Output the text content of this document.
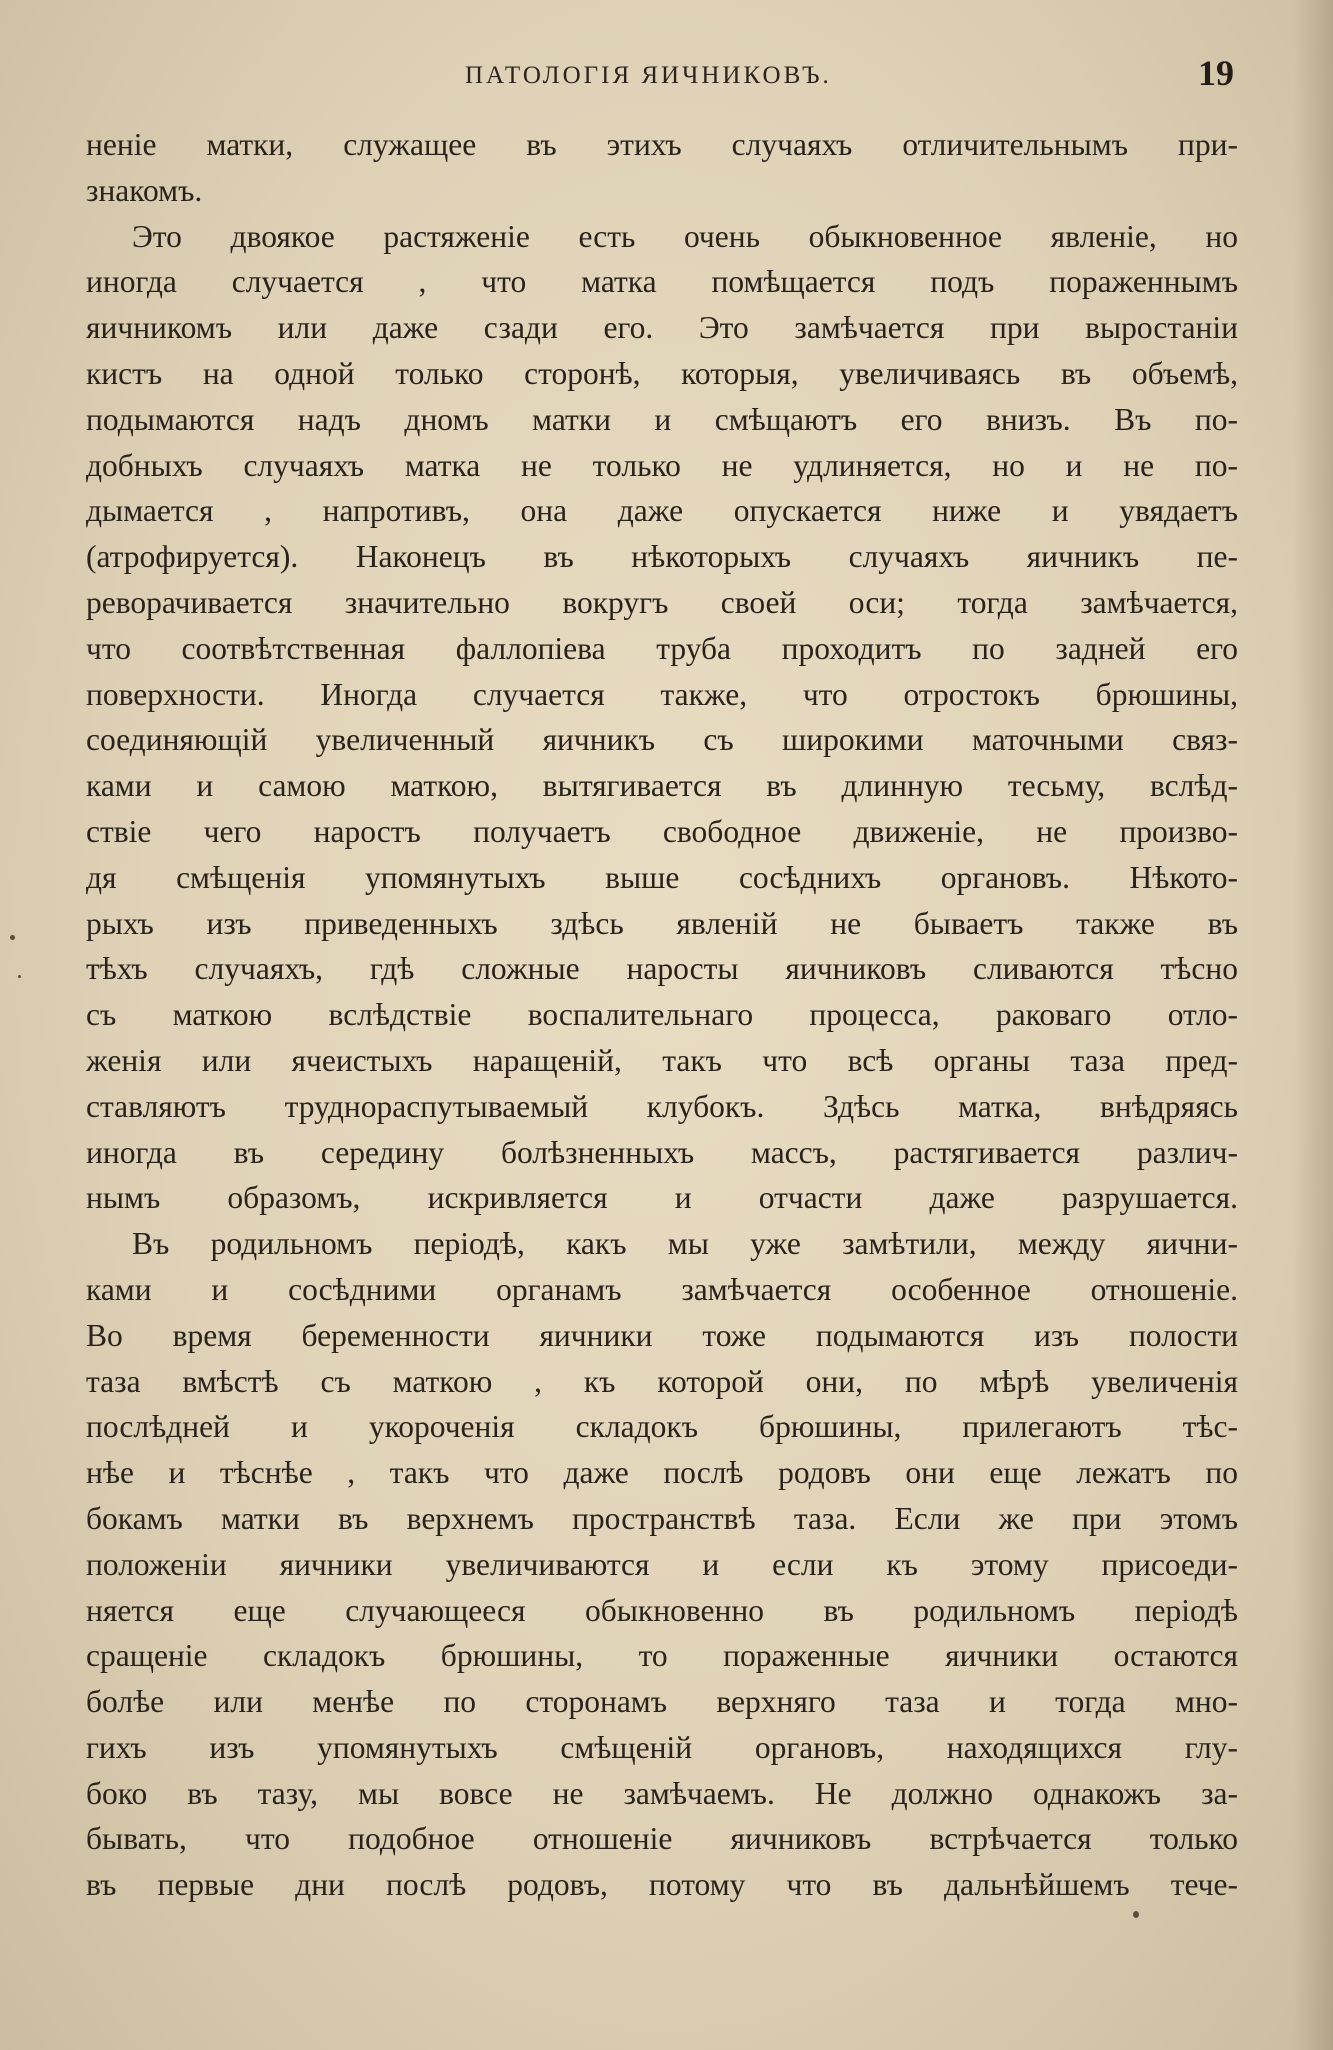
ПАТОЛОГІЯ ЯИЧНИКОВЪ.	19
неніе матки, служащее въ этихъ случаяхъ отличительнымъ при-
знакомъ.
Это двоякое растяженіе есть очень обыкновенное явленіе, но
иногда случается , что матка помѣщается подъ пораженнымъ
яичникомъ или даже сзади его. Это замѣчается при выростаніи
кистъ на одной только сторонѣ, которыя, увеличиваясь въ объемѣ,
подымаются надъ дномъ матки и смѣщаютъ его внизъ. Въ по-
добныхъ случаяхъ матка не только не удлиняется, но и не по-
дымается , напротивъ, она даже опускается ниже и увядаетъ
(атрофируется). Наконецъ въ нѣкоторыхъ случаяхъ яичникъ пе-
реворачивается значительно вокругъ своей оси; тогда замѣчается,
что соотвѣтственная фаллопіева труба проходитъ по задней его
поверхности. Иногда случается также, что отростокъ брюшины,
соединяющій увеличенный яичникъ съ широкими маточными связ-
ками и самою маткою, вытягивается въ длинную тесьму, вслѣд-
ствіе чего наростъ получаетъ свободное движеніе, не произво-
дя смѣщенія упомянутыхъ выше сосѣднихъ органовъ. Нѣкото-
рыхъ изъ приведенныхъ здѣсь явленій не бываетъ также въ
тѣхъ случаяхъ, гдѣ сложные наросты яичниковъ сливаются тѣсно
съ маткою вслѣдствіе воспалительнаго процесса, раковаго отло-
женія или ячеистыхъ наращеній, такъ что всѣ органы таза пред-
ставляютъ труднораспутываемый клубокъ. Здѣсь матка, внѣдряясь
иногда въ середину болѣзненныхъ массъ, растягивается различ-
нымъ образомъ, искривляется и отчасти даже разрушается.
Въ родильномъ періодѣ, какъ мы уже замѣтили, между яични-
ками и сосѣдними органамъ замѣчается особенное отношеніе.
Во время беременности яичники тоже подымаются изъ полости
таза вмѣстѣ съ маткою , къ которой они, по мѣрѣ увеличенія
послѣдней и укороченія складокъ брюшины, прилегаютъ тѣс-
нѣе и тѣснѣе , такъ что даже послѣ родовъ они еще лежатъ по
бокамъ матки въ верхнемъ пространствѣ таза. Если же при этомъ
положеніи яичники увеличиваются и если къ этому присоеди-
няется еще случающееся обыкновенно въ родильномъ періодѣ
сращеніе складокъ брюшины, то пораженные яичники остаются
болѣе или менѣе по сторонамъ верхняго таза и тогда мно-
гихъ изъ упомянутыхъ смѣщеній органовъ, находящихся глу-
боко въ тазу, мы вовсе не замѣчаемъ. Не должно однакожъ за-
бывать, что подобное отношеніе яичниковъ встрѣчается только
въ первые дни послѣ родовъ, потому что въ дальнѣйшемъ тече-
